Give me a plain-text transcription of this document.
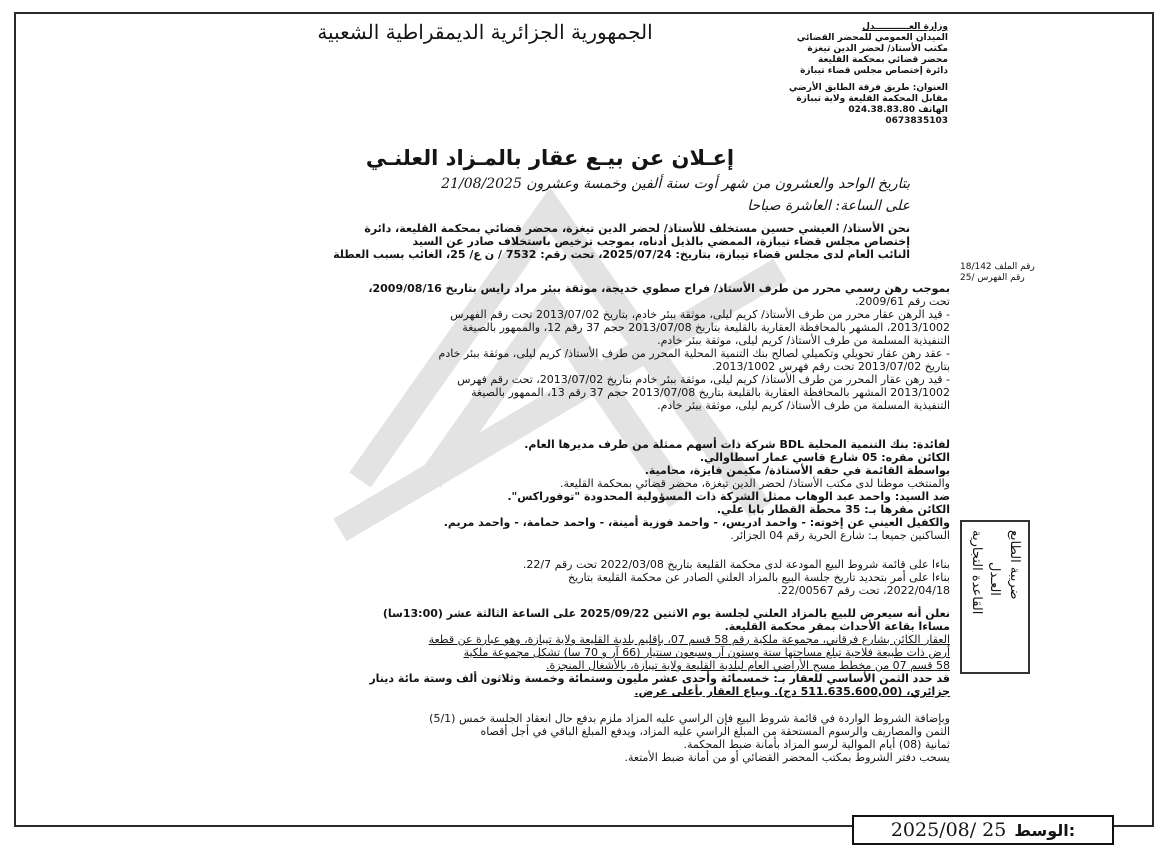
الجمهورية الجزائرية الديمقراطية الشعبية	وزارة العـــــــــــدل
الميدان العمومي للمحضر القضائي
مكتب الأستاذ/ لحضر الدين تيغزة
محضر قضائي بمحكمة القليعة
دائرة إختصاص مجلس قضاء تيبازة
العنوان: طريق فرقة الطابق الأرضي
مقابل المحكمة القليعة ولاية تيبازة
024.38.83.80 الهاتف
0673835103
إعـلان عن بيـع عقار بالمـزاد العلنـي
بتاريخ الواحد والعشرون من شهر أوت سنة ألفين وخمسة وعشرون 21/08/2025
على الساعة: العاشرة صباحا
نحن الأستاذ/ العيشي حسين مستخلف للأستاذ/ لحضر الدين تيغزة، محضر قضائي بمحكمة القليعة، دائرة
إختصاص مجلس قضاء تيبازة، الممضي بالذيل أدناه، بموجب ترخيص باستخلاف صادر عن السيد
النائب العام لدى مجلس قضاء تيبازة، بتاريخ: 2025/07/24، تحت رقم: 7532 / ن ع/ 25، الغائب بسبب العطلة
18/142 رقم الملف
25/ رقم الفهرس
بموجب رهن رسمي محرر من طرف الأستاذ/ فراح صطوي خديجة، موثقة ببئر مراد رايس بتاريخ 2009/08/16،
تحت رقم 2009/61.
- قيد الرهن عقار محرر من طرف الأستاذ/ كريم ليلى، موثقة ببئر خادم، بتاريخ 2013/07/02 تحت رقم الفهرس
2013/1002، المشهر بالمحافظة العقارية بالقليعة بتاريخ 2013/07/08 حجم 37 رقم 12، والممهور بالصيغة
التنفيذية المسلمة من طرف الأستاذ/ كريم ليلى، موثقة ببئر خادم.
- عقد رهن عقار تحويلي وتكميلي لصالح بنك التنمية المحلية المحرر من طرف الأستاذ/ كريم ليلى، موثقة ببئر خادم
بتاريخ 2013/07/02 تحت رقم فهرس 2013/1002.
- قيد رهن عقار المحرر من طرف الأستاذ/ كريم ليلى، موثقة ببئر خادم بتاريخ 2013/07/02، تحت رقم فهرس
2013/1002 المشهر بالمحافظة العقارية بالقليعة بتاريخ 2013/07/08 حجم 37 رقم 13، الممهور بالصيغة
التنفيذية المسلمة من طرف الأستاذ/ كريم ليلى، موثقة ببئر خادم.
لفائدة: بنك التنمية المحلية BDL شركة ذات أسهم ممثلة من طرف مديرها العام.
الكائن مقره: 05 شارع قاسي عمار اسطاوالي.
بواسطة القائمة في حقه الأستاذة/ مكيمن فايزة، محامية.
والمنتخب موطنا لدى مكتب الأستاذ/ لحضر الدين تيغزة، محضر قضائي بمحكمة القليعة.
ضد السيد: واحمد عبد الوهاب ممثل الشركة ذات المسؤولية المحدودة "توفوراكس".
الكائن مقرها بـ: 35 محطة القطار بابا علي.
والكفيل العيني عن إخوته: - واحمد ادريس، - واحمد فوزية أمينة، - واحمد حمامة، - واحمد مريم.
الساكنين جميعا بـ: شارع الحرية رقم 04 الجزائر.
بناءا على قائمة شروط البيع المودعة لدى محكمة القليعة بتاريخ 2022/03/08 تحت رقم 22/7.
بناءا على أمر بتحديد تاريخ جلسة البيع بالمزاد العلني الصادر عن محكمة القليعة بتاريخ
2022/04/18، تحت رقم 22/00567.
نعلن أنه سيعرض للبيع بالمزاد العلني لجلسة يوم الاثنين 2025/09/22 على الساعة الثالثة عشر (13:00سا)
مساءا بقاعة الأحداث بمقر محكمة القليعة.
العقار الكائن بشارع فرقاني، مجموعة ملكية رقم 58 قسم 07، بإقليم بلدية القليعة ولاية تيبازة، وهو عبارة عن قطعة
أرض ذات طبيعة فلاحية تبلغ مساحتها ستة وستون آر وسبعون سنتيار (66 آر و 70 سا) تشكل مجموعة ملكية
58 قسم 07 من مخطط مسح الأراضي العام لبلدية القليعة ولاية تيبازة، بالأشغال المنجزة.
قد حدد الثمن الأساسي للعقار بـ: خمسمائة وأحدى عشر مليون وستمائة وخمسة وثلاثون ألف وستة مائة دينار
جزائري، (511.635.600,00 دج). ويباع العقار بأعلى عرض.
وبإضافة الشروط الواردة في قائمة شروط البيع فإن الراسي عليه المزاد ملزم بدفع حال انعقاد الجلسة خمس (5/1)
الثمن والمصاريف والرسوم المستحقة من المبلغ الراسي عليه المزاد، ويدفع المبلغ الباقي في أجل أقصاه
ثمانية (08) أيام الموالية لرسو المزاد بأمانة ضبط المحكمة.
يسحب دفتر الشروط بمكتب المحضر القضائي أو من أمانة ضبط الأمتعة.
ضريبة الطابع
العـدل
القاعدة التجارية
2025/08/ 25 الوسط:
